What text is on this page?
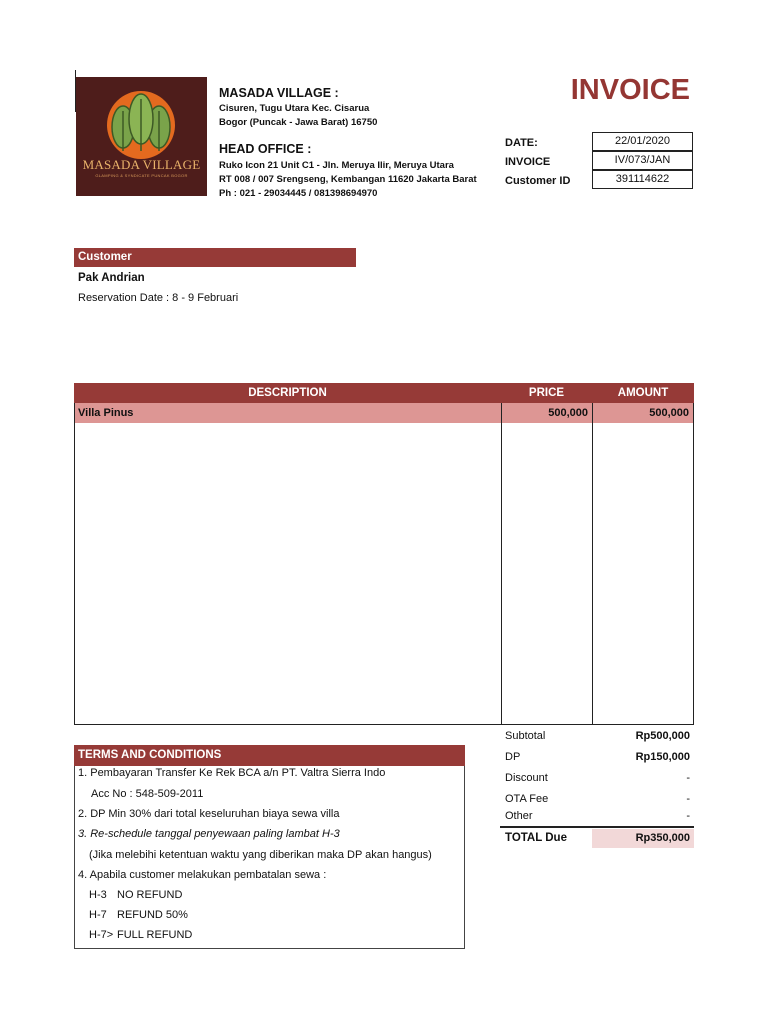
MASADA VILLAGE
GLAMPING & SYNDICATE PUNCAK BOGOR
MASADA VILLAGE :
Cisuren, Tugu Utara Kec. Cisarua
Bogor (Puncak - Jawa Barat) 16750
HEAD OFFICE :
Ruko Icon 21 Unit C1 - Jln. Meruya Ilir, Meruya Utara
RT 008 / 007 Srengseng, Kembangan 11620 Jakarta Barat
Ph : 021 - 29034445 / 081398694970
INVOICE
DATE:	22/01/2020
INVOICE	IV/073/JAN
Customer ID	391114622
Customer
Pak Andrian
Reservation Date : 8 - 9 Februari
DESCRIPTION	PRICE	AMOUNT
Villa Pinus	500,000	500,000
Subtotal	Rp500,000
DP	Rp150,000
Discount	-
OTA Fee	-
Other	-
TOTAL Due	Rp350,000
TERMS AND CONDITIONS
1. Pembayaran Transfer Ke Rek BCA a/n PT. Valtra Sierra Indo
Acc No : 548-509-2011
2. DP Min 30% dari total keseluruhan biaya sewa villa
3. Re-schedule tanggal penyewaan paling lambat H-3
(Jika melebihi ketentuan waktu yang diberikan maka DP akan hangus)
4. Apabila customer melakukan pembatalan sewa :
H-3 NO REFUND
H-7 REFUND 50%
H-7> FULL REFUND
